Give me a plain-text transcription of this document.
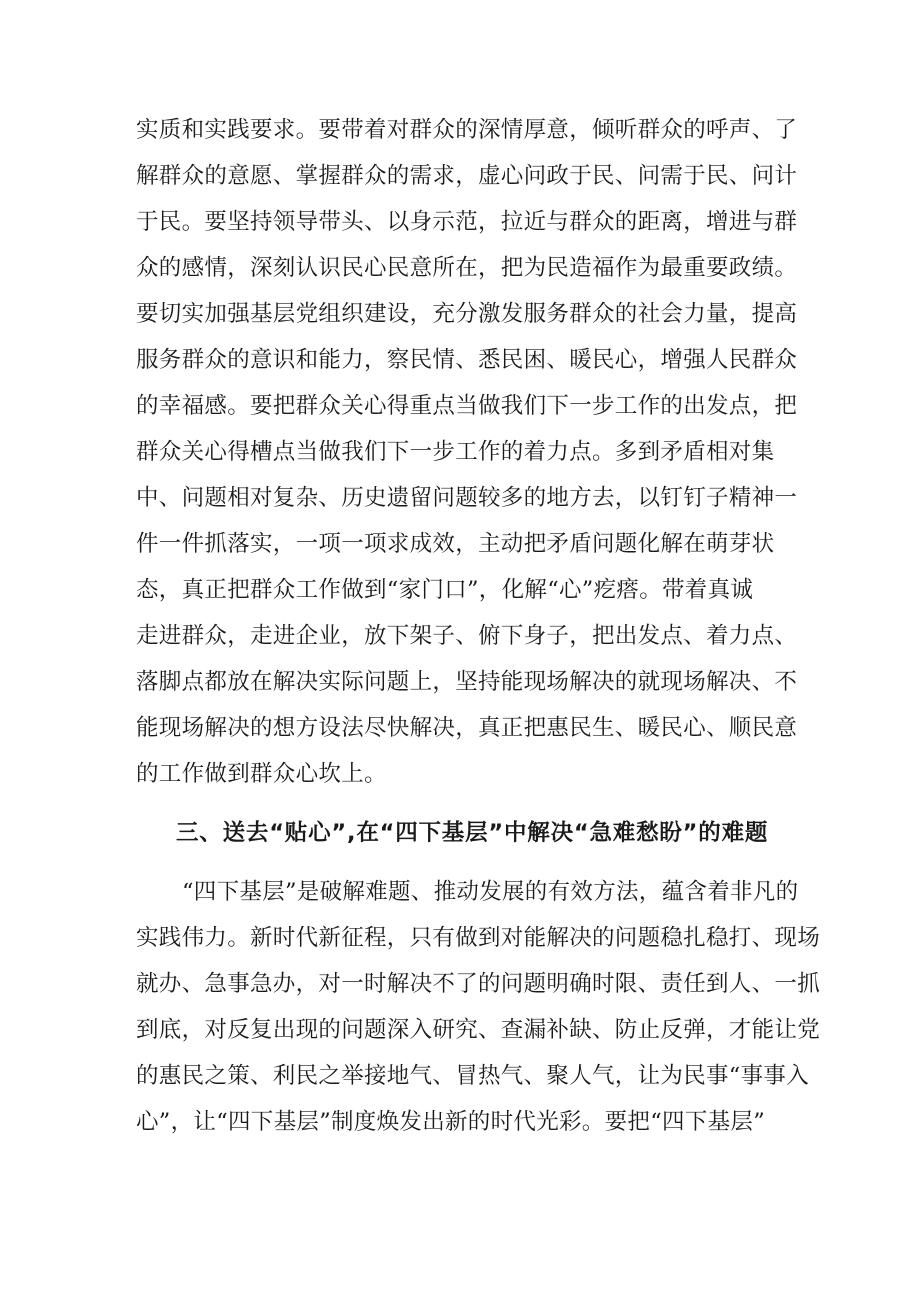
实质和实践要求。要带着对群众的深情厚意，倾听群众的呼声、了
解群众的意愿、掌握群众的需求，虚心问政于民、问需于民、问计
于民。要坚持领导带头、以身示范，拉近与群众的距离，增进与群
众的感情，深刻认识民心民意所在，把为民造福作为最重要政绩。
要切实加强基层党组织建设，充分激发服务群众的社会力量，提高
服务群众的意识和能力，察民情、悉民困、暖民心，增强人民群众
的幸福感。要把群众关心得重点当做我们下一步工作的出发点，把
群众关心得槽点当做我们下一步工作的着力点。多到矛盾相对集
中、问题相对复杂、历史遗留问题较多的地方去，以钉钉子精神一
件一件抓落实，一项一项求成效，主动把矛盾问题化解在萌芽状
态，真正把群众工作做到“家门口”，化解“心”疙瘩。带着真诚
走进群众，走进企业，放下架子、俯下身子，把出发点、着力点、
落脚点都放在解决实际问题上，坚持能现场解决的就现场解决、不
能现场解决的想方设法尽快解决，真正把惠民生、暖民心、顺民意
的工作做到群众心坎上。
三、送去“贴心”,在“四下基层”中解决“急难愁盼”的难题
“四下基层”是破解难题、推动发展的有效方法，蕴含着非凡的
实践伟力。新时代新征程，只有做到对能解决的问题稳扎稳打、现场
就办、急事急办，对一时解决不了的问题明确时限、责任到人、一抓
到底，对反复出现的问题深入研究、查漏补缺、防止反弹，才能让党
的惠民之策、利民之举接地气、冒热气、聚人气，让为民事“事事入
心”，让“四下基层”制度焕发出新的时代光彩。要把“四下基层”
